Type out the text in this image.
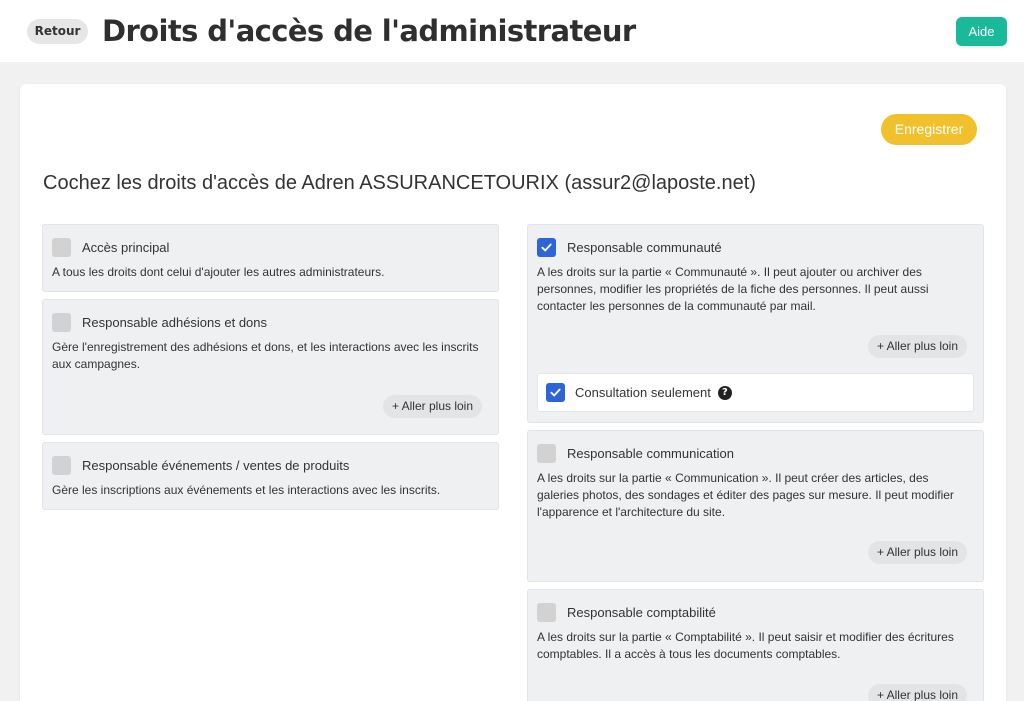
Retour Droits d'accès de l'administrateur	Aide
Enregistrer
Cochez les droits d'accès de Adren ASSURANCETOURIX (assur2@laposte.net)
Accès principal
A tous les droits dont celui d'ajouter les autres administrateurs.
Responsable adhésions et dons
Gère l'enregistrement des adhésions et dons, et les interactions avec les inscrits aux campagnes.
+ Aller plus loin
Responsable événements / ventes de produits
Gère les inscriptions aux événements et les interactions avec les inscrits.
Responsable communauté
A les droits sur la partie « Communauté ». Il peut ajouter ou archiver des personnes, modifier les propriétés de la fiche des personnes. Il peut aussi contacter les personnes de la communauté par mail.
+ Aller plus loin
Consultation seulement	?
Responsable communication
A les droits sur la partie « Communication ». Il peut créer des articles, des galeries photos, des sondages et éditer des pages sur mesure. Il peut modifier l'apparence et l'architecture du site.
+ Aller plus loin
Responsable comptabilité
A les droits sur la partie « Comptabilité ». Il peut saisir et modifier des écritures comptables. Il a accès à tous les documents comptables.
+ Aller plus loin
